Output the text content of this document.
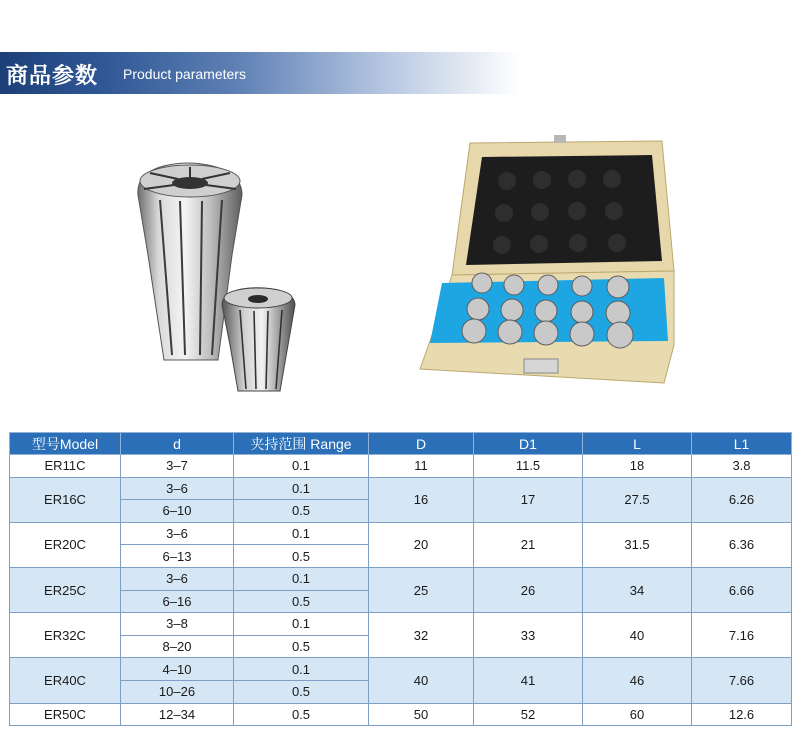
商品参数 Product parameters
型号Model	d	夹持范围 Range	D	D1	L	L1
ER11C	3–7	0.1	11	11.5	18	3.8
ER16C	3–6	0.1	16	17	27.5	6.26
	6–10	0.5				
ER20C	3–6	0.1	20	21	31.5	6.36
	6–13	0.5				
ER25C	3–6	0.1	25	26	34	6.66
	6–16	0.5				
ER32C	3–8	0.1	32	33	40	7.16
	8–20	0.5				
ER40C	4–10	0.1	40	41	46	7.66
	10–26	0.5				
ER50C	12–34	0.5	50	52	60	12.6
